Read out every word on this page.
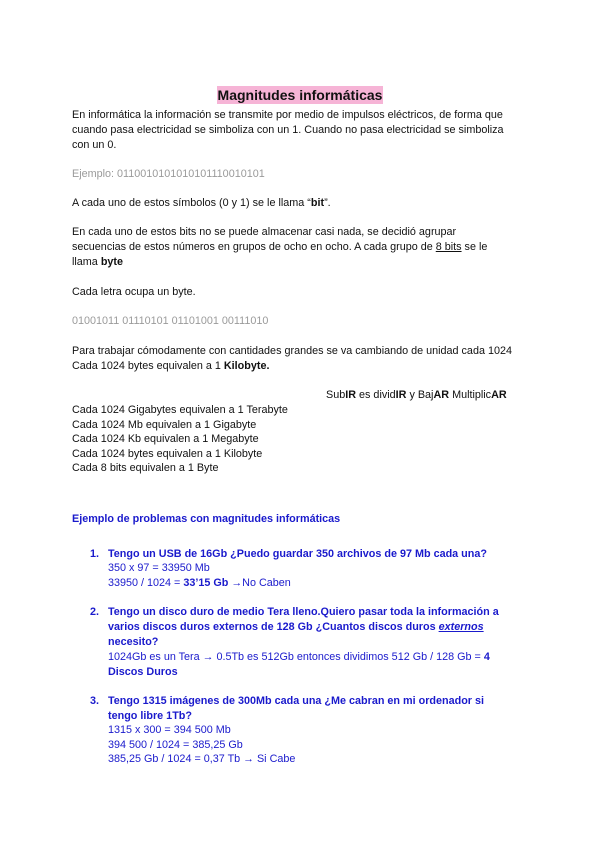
Magnitudes informáticas
En informática la información se transmite por medio de impulsos eléctricos, de forma que
cuando pasa electricidad se simboliza con un 1. Cuando no pasa electricidad se simboliza
con un 0.
Ejemplo: 0110010101010101110010101
A cada uno de estos símbolos (0 y 1) se le llama “bit”.
En cada uno de estos bits no se puede almacenar casi nada, se decidió agrupar
secuencias de estos números en grupos de ocho en ocho. A cada grupo de 8 bits se le
llama byte
Cada letra ocupa un byte.
01001011 01110101 01101001 00111010
Para trabajar cómodamente con cantidades grandes se va cambiando de unidad cada 1024
Cada 1024 bytes equivalen a 1 Kilobyte.
SubIR es dividIR y BajAR MultiplicAR
Cada 1024 Gigabytes equivalen a 1 Terabyte
Cada 1024 Mb equivalen a 1 Gigabyte
Cada 1024 Kb equivalen a 1 Megabyte
Cada 1024 bytes equivalen a 1 Kilobyte
Cada 8 bits equivalen a 1 Byte
Ejemplo de problemas con magnitudes informáticas
1. Tengo un USB de 16Gb ¿Puedo guardar 350 archivos de 97 Mb cada una?
350 x 97 = 33950 Mb
33950 / 1024 = 33’15 Gb →No Caben
2. Tengo un disco duro de medio Tera lleno.Quiero pasar toda la información a
varios discos duros externos de 128 Gb ¿Cuantos discos duros externos
necesito?
1024Gb es un Tera → 0.5Tb es 512Gb entonces dividimos 512 Gb / 128 Gb = 4
Discos Duros
3. Tengo 1315 imágenes de 300Mb cada una ¿Me cabran en mi ordenador si
tengo libre 1Tb?
1315 x 300 = 394 500 Mb
394 500 / 1024 = 385,25 Gb
385,25 Gb / 1024 = 0,37 Tb → Si Cabe
